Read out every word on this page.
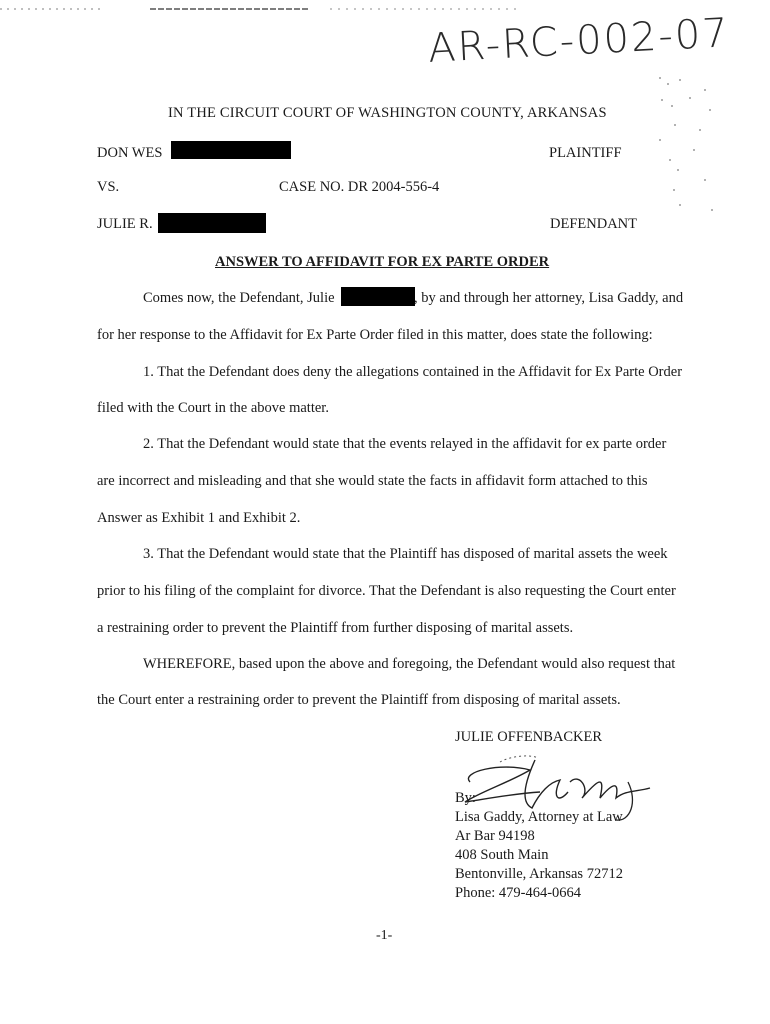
AR-RC-002-07
IN THE CIRCUIT COURT OF WASHINGTON COUNTY, ARKANSAS
DON WES	PLAINTIFF
VS.	CASE NO. DR 2004-556-4
JULIE R.	DEFENDANT
ANSWER TO AFFIDAVIT FOR EX PARTE ORDER
Comes now, the Defendant, Julie	, by and through her attorney, Lisa Gaddy, and
for her response to the Affidavit for Ex Parte Order filed in this matter, does state the following:
1. That the Defendant does deny the allegations contained in the Affidavit for Ex Parte Order
filed with the Court in the above matter.
2. That the Defendant would state that the events relayed in the affidavit for ex parte order
are incorrect and misleading and that she would state the facts in affidavit form attached to this
Answer as Exhibit 1 and Exhibit 2.
3. That the Defendant would state that the Plaintiff has disposed of marital assets the week
prior to his filing of the complaint for divorce. That the Defendant is also requesting the Court enter
a restraining order to prevent the Plaintiff from further disposing of marital assets.
WHEREFORE, based upon the above and foregoing, the Defendant would also request that
the Court enter a restraining order to prevent the Plaintiff from disposing of marital assets.
JULIE OFFENBACKER
By:
Lisa Gaddy, Attorney at Law
Ar Bar 94198
408 South Main
Bentonville, Arkansas 72712
Phone: 479-464-0664
-1-
